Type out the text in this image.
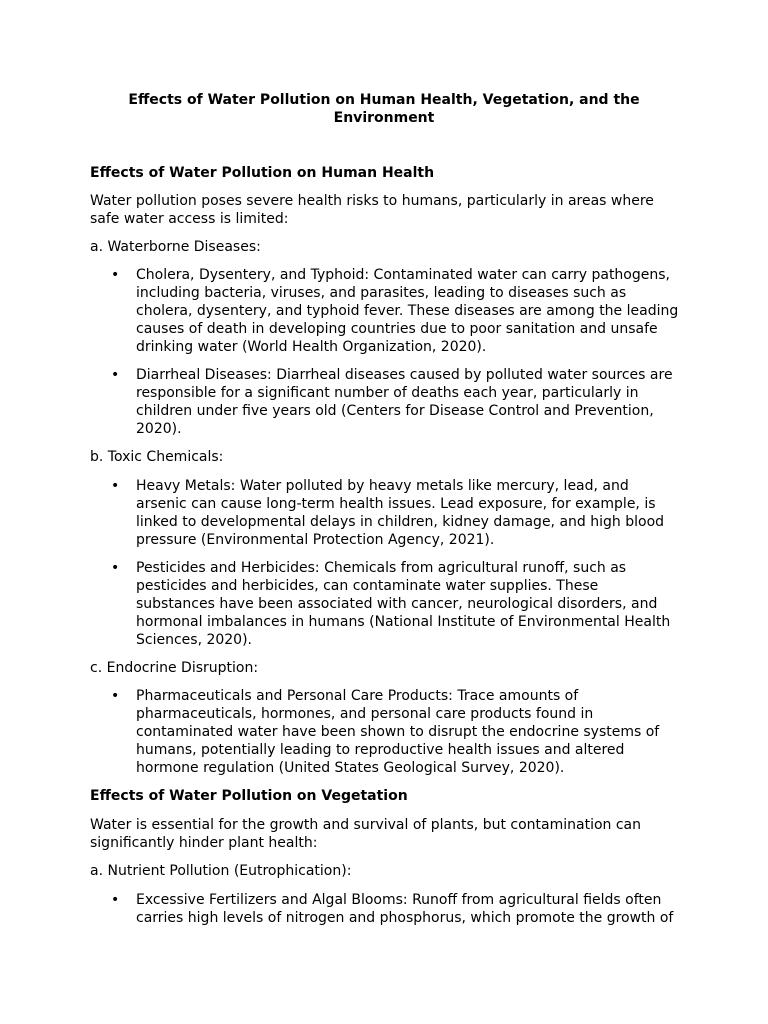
Effects of Water Pollution on Human Health, Vegetation, and the Environment
Effects of Water Pollution on Human Health

Water pollution poses severe health risks to humans, particularly in areas where safe water access is limited:

a. Waterborne Diseases:

• Cholera, Dysentery, and Typhoid: Contaminated water can carry pathogens, including bacteria, viruses, and parasites, leading to diseases such as cholera, dysentery, and typhoid fever. These diseases are among the leading causes of death in developing countries due to poor sanitation and unsafe drinking water (World Health Organization, 2020).
• Diarrheal Diseases: Diarrheal diseases caused by polluted water sources are responsible for a significant number of deaths each year, particularly in children under five years old (Centers for Disease Control and Prevention, 2020).

b. Toxic Chemicals:

• Heavy Metals: Water polluted by heavy metals like mercury, lead, and arsenic can cause long-term health issues. Lead exposure, for example, is linked to developmental delays in children, kidney damage, and high blood pressure (Environmental Protection Agency, 2021).
• Pesticides and Herbicides: Chemicals from agricultural runoff, such as pesticides and herbicides, can contaminate water supplies. These substances have been associated with cancer, neurological disorders, and hormonal imbalances in humans (National Institute of Environmental Health Sciences, 2020).

c. Endocrine Disruption:

• Pharmaceuticals and Personal Care Products: Trace amounts of pharmaceuticals, hormones, and personal care products found in contaminated water have been shown to disrupt the endocrine systems of humans, potentially leading to reproductive health issues and altered hormone regulation (United States Geological Survey, 2020).
Effects of Water Pollution on Vegetation

Water is essential for the growth and survival of plants, but contamination can significantly hinder plant health:

a. Nutrient Pollution (Eutrophication):

• Excessive Fertilizers and Algal Blooms: Runoff from agricultural fields often carries high levels of nitrogen and phosphorus, which promote the growth of
